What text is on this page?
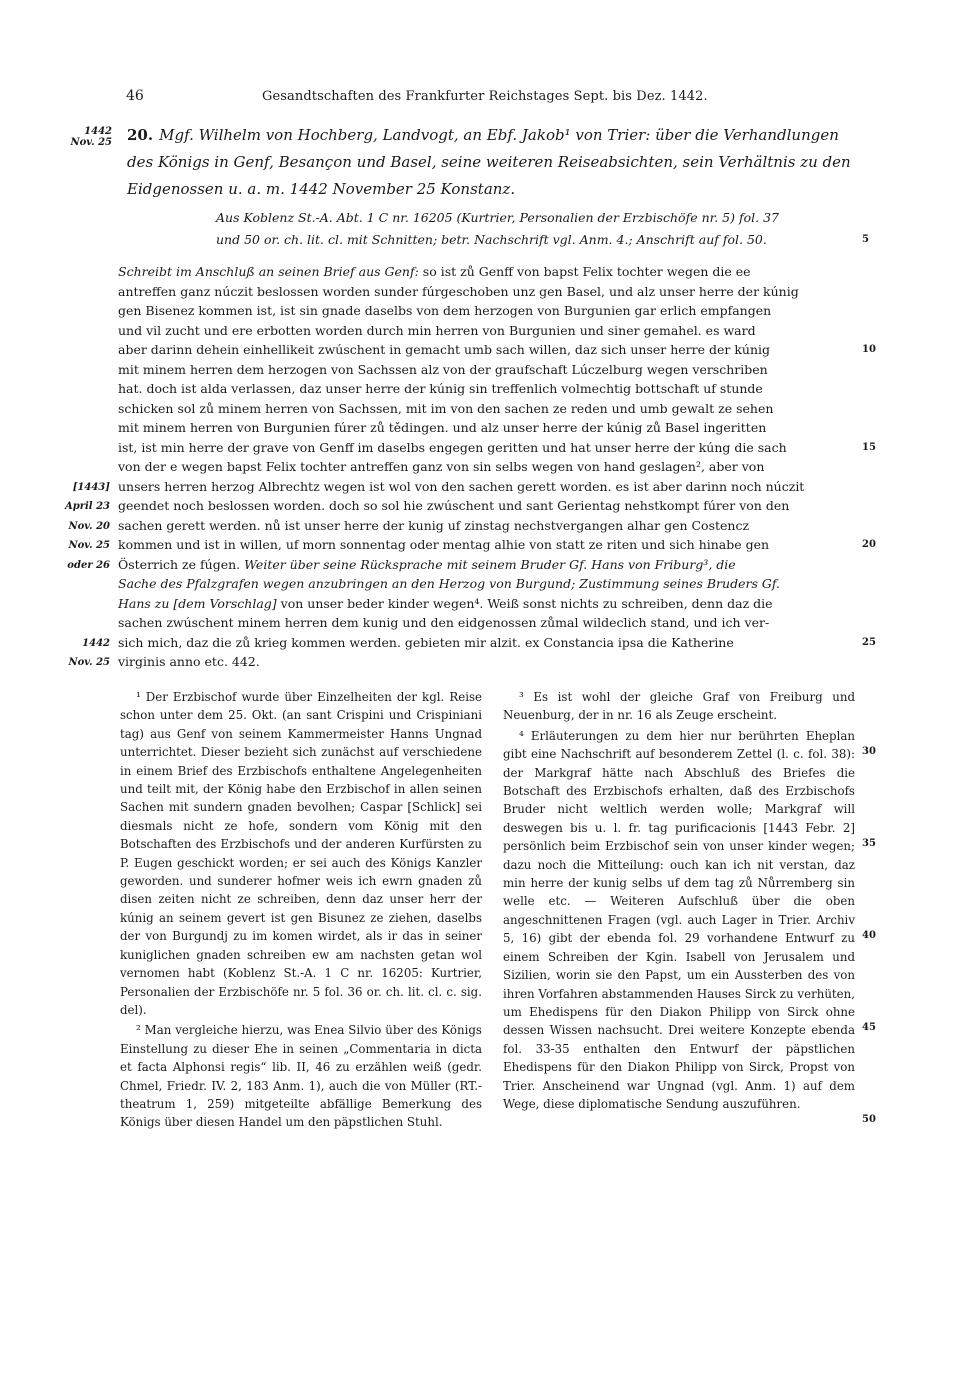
46	Gesandtschaften des Frankfurter Reichstages Sept. bis Dez. 1442.
1442
Nov. 25 20. Mgf. Wilhelm von Hochberg, Landvogt, an Ebf. Jakob¹ von Trier: über die Verhandlungen des Königs in Genf, Besançon und Basel, seine weiteren Reiseabsichten, sein Verhältnis zu den Eidgenossen u. a. m. 1442 November 25 Konstanz.
Aus Koblenz St.-A. Abt. 1 C nr. 16205 (Kurtrier, Personalien der Erzbischöfe nr. 5) fol. 37
und 50 or. ch. lit. cl. mit Schnitten; betr. Nachschrift vgl. Anm. 4.; Anschrift auf fol. 50.	5
Schreibt im Anschluß an seinen Brief aus Genf: so ist zů Genff von bapst Felix tochter wegen die ee
antreffen ganz núczit beslossen worden sunder fúrgeschoben unz gen Basel, und alz unser herre der kúnig
gen Bisenez kommen ist, ist sin gnade daselbs von dem herzogen von Burgunien gar erlich empfangen
und vil zucht und ere erbotten worden durch min herren von Burgunien und siner gemahel. es ward
aber darinn dehein einhellikeit zwúschent in gemacht umb sach willen, daz sich unser herre der kúnig
mit minem herren dem herzogen von Sachssen alz von der graufschaft Lúczelburg wegen verschriben
hat. doch ist alda verlassen, daz unser herre der kúnig sin treffenlich volmechtig bottschaft uf stunde
schicken sol zů minem herren von Sachssen, mit im von den sachen ze reden und umb gewalt ze sehen
mit minem herren von Burgunien fúrer zů tědingen. und alz unser herre der kúnig zů Basel ingeritten
ist, ist min herre der grave von Genff im daselbs engegen geritten und hat unser herre der kúng die sach
von der e wegen bapst Felix tochter antreffen ganz von sin selbs wegen von hand geslagen², aber von
unsers herren herzog Albrechtz wegen ist wol von den sachen gerett worden. es ist aber darinn noch núczit
geendet noch beslossen worden. doch so sol hie zwúschent und sant Gerientag nehstkompt fúrer von den
sachen gerett werden. nů ist unser herre der kunig uf zinstag nechstvergangen alhar gen Costencz
kommen und ist in willen, uf morn sonnentag oder mentag alhie von statt ze riten und sich hinabe gen
Österrich ze fúgen. Weiter über seine Rücksprache mit seinem Bruder Gf. Hans von Friburg³, die
Sache des Pfalzgrafen wegen anzubringen an den Herzog von Burgund; Zustimmung seines Bruders Gf.
Hans zu [dem Vorschlag] von unser beder kinder wegen⁴. Weiß sonst nichts zu schreiben, denn daz die
sachen zwúschent minem herren dem kunig und den eidgenossen zůmal wildeclich stand, und ich ver-
sich mich, daz die zů krieg kommen werden. gebieten mir alzit. ex Constancia ipsa die Katherine
virginis anno etc. 442.
[1443]
April 23
Nov. 20
Nov. 25
oder 26
1442
Nov. 25
10
15
20
25

¹ Der Erzbischof wurde über Einzelheiten der kgl. Reise schon unter dem 25. Okt. (an sant Crispini und Crispiniani tag) aus Genf von seinem Kammermeister Hanns Ungnad unterrichtet. Dieser bezieht sich zunächst auf verschiedene in einem Brief des Erzbischofs enthaltene Angelegenheiten und teilt mit, der König habe den Erzbischof in allen seinen Sachen mit sundern gnaden bevolhen; Caspar [Schlick] sei diesmals nicht ze hofe, sondern vom König mit den Botschaften des Erzbischofs und der anderen Kurfürsten zu P. Eugen geschickt worden; er sei auch des Königs Kanzler geworden. und sunderer hofmer weis ich ewrn gnaden zů disen zeiten nicht ze schreiben, denn daz unser herr der kúnig an seinem gevert ist gen Bisunez ze ziehen, daselbs der von Burgundj zu im komen wirdet, als ir das in seiner kuniglichen gnaden schreiben ew am nachsten getan wol vernomen habt (Koblenz St.-A. 1 C nr. 16205: Kurtrier, Personalien der Erzbischöfe nr. 5 fol. 36 or. ch. lit. cl. c. sig. del).

² Man vergleiche hierzu, was Enea Silvio über des Königs Einstellung zu dieser Ehe in seinen „Commentaria in dicta et facta Alphonsi regis“ lib. II, 46 zu erzählen weiß (gedr. Chmel, Friedr. IV. 2, 183 Anm. 1), auch die von Müller (RT.-theatrum 1, 259) mitgeteilte abfällige Bemerkung des Königs über diesen Handel um den päpstlichen Stuhl.

³ Es ist wohl der gleiche Graf von Freiburg und Neuenburg, der in nr. 16 als Zeuge erscheint.

⁴ Erläuterungen zu dem hier nur berührten Eheplan gibt eine Nachschrift auf besonderem Zettel (l. c. fol. 38): der Markgraf hätte nach Abschluß des Briefes die Botschaft des Erzbischofs erhalten, daß des Erzbischofs Bruder nicht weltlich werden wolle; Markgraf will deswegen bis u. l. fr. tag purificacionis [1443 Febr. 2] persönlich beim Erzbischof sein von unser kinder wegen; dazu noch die Mitteilung: ouch kan ich nit verstan, daz min herre der kunig selbs uf dem tag zů Nůrremberg sin welle etc. — Weiteren Aufschluß über die oben angeschnittenen Fragen (vgl. auch Lager in Trier. Archiv 5, 16) gibt der ebenda fol. 29 vorhandene Entwurf zu einem Schreiben der Kgin. Isabell von Jerusalem und Sizilien, worin sie den Papst, um ein Aussterben des von ihren Vorfahren abstammenden Hauses Sirck zu verhüten, um Ehedispens für den Diakon Philipp von Sirck ohne dessen Wissen nachsucht. Drei weitere Konzepte ebenda fol. 33-35 enthalten den Entwurf der päpstlichen Ehedispens für den Diakon Philipp von Sirck, Propst von Trier. Anscheinend war Ungnad (vgl. Anm. 1) auf dem Wege, diese diplomatische Sendung auszuführen.

30
35
40
45
50
